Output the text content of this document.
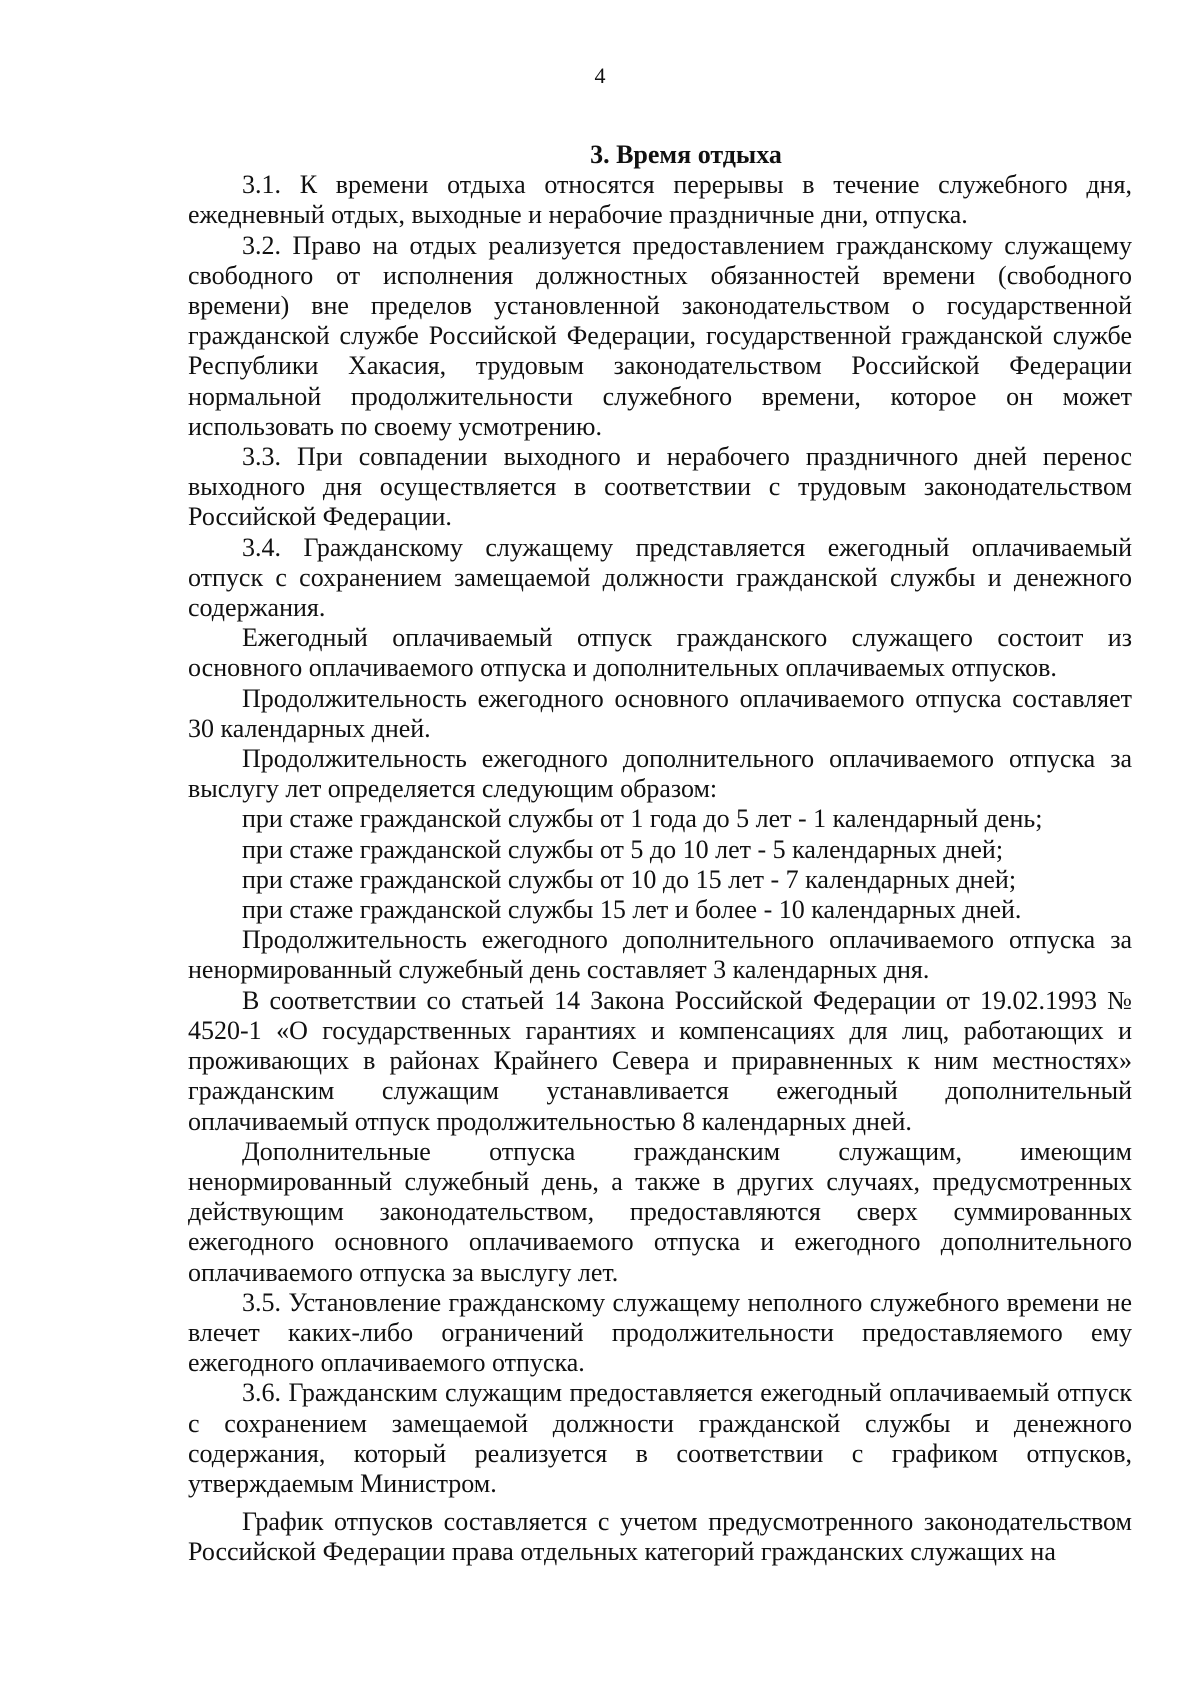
4
3. Время отдыха

3.1. К времени отдыха относятся перерывы в течение служебного дня, ежедневный отдых, выходные и нерабочие праздничные дни, отпуска.

3.2. Право на отдых реализуется предоставлением гражданскому служащему свободного от исполнения должностных обязанностей времени (свободного времени) вне пределов установленной законодательством о государственной гражданской службе Российской Федерации, государственной гражданской службе Республики Хакасия, трудовым законодательством Российской Федерации нормальной продолжительности служебного времени, которое он может использовать по своему усмотрению.

3.3. При совпадении выходного и нерабочего праздничного дней перенос выходного дня осуществляется в соответствии с трудовым законодательством Российской Федерации.

3.4. Гражданскому служащему представляется ежегодный оплачиваемый отпуск с сохранением замещаемой должности гражданской службы и денежного содержания.

Ежегодный оплачиваемый отпуск гражданского служащего состоит из основного оплачиваемого отпуска и дополнительных оплачиваемых отпусков.

Продолжительность ежегодного основного оплачиваемого отпуска составляет 30 календарных дней.

Продолжительность ежегодного дополнительного оплачиваемого отпуска за выслугу лет определяется следующим образом:

при стаже гражданской службы от 1 года до 5 лет - 1 календарный день;

при стаже гражданской службы от 5 до 10 лет - 5 календарных дней;

при стаже гражданской службы от 10 до 15 лет - 7 календарных дней;

при стаже гражданской службы 15 лет и более - 10 календарных дней.

Продолжительность ежегодного дополнительного оплачиваемого отпуска за ненормированный служебный день составляет 3 календарных дня.

В соответствии со статьей 14 Закона Российской Федерации от 19.02.1993 № 4520-1 «О государственных гарантиях и компенсациях для лиц, работающих и проживающих в районах Крайнего Севера и приравненных к ним местностях» гражданским служащим устанавливается ежегодный дополнительный оплачиваемый отпуск продолжительностью 8 календарных дней.

Дополнительные отпуска гражданским служащим, имеющим ненормированный служебный день, а также в других случаях, предусмотренных действующим законодательством, предоставляются сверх суммированных ежегодного основного оплачиваемого отпуска и ежегодного дополнительного оплачиваемого отпуска за выслугу лет.

3.5. Установление гражданскому служащему неполного служебного времени не влечет каких-либо ограничений продолжительности предоставляемого ему ежегодного оплачиваемого отпуска.

3.6. Гражданским служащим предоставляется ежегодный оплачиваемый отпуск с сохранением замещаемой должности гражданской службы и денежного содержания, который реализуется в соответствии с графиком отпусков, утверждаемым Министром.

График отпусков составляется с учетом предусмотренного законодательством Российской Федерации права отдельных категорий гражданских служащих на
